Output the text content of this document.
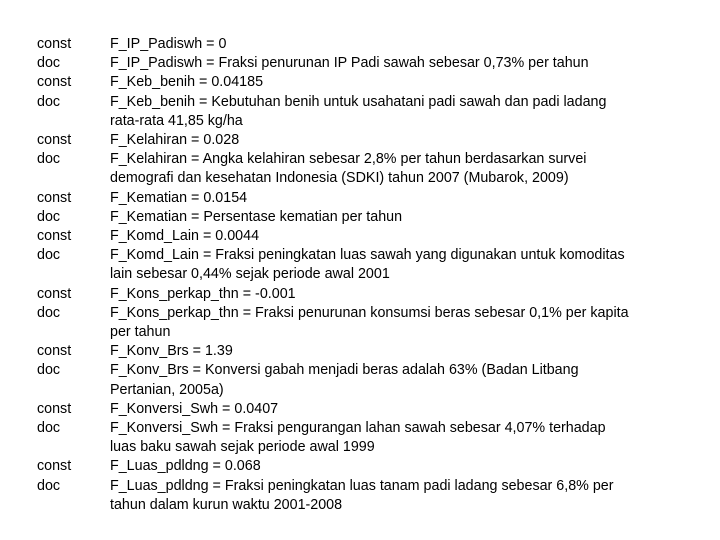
const	F_IP_Padiswh = 0
doc	F_IP_Padiswh = Fraksi penurunan IP Padi sawah sebesar 0,73% per tahun
const	F_Keb_benih = 0.04185
doc	F_Keb_benih = Kebutuhan benih untuk usahatani padi sawah dan padi ladang
rata-rata 41,85 kg/ha
const	F_Kelahiran = 0.028
doc	F_Kelahiran = Angka kelahiran sebesar 2,8% per tahun berdasarkan survei
demografi dan kesehatan Indonesia (SDKI) tahun 2007 (Mubarok, 2009)
const	F_Kematian = 0.0154
doc	F_Kematian = Persentase kematian per tahun
const	F_Komd_Lain = 0.0044
doc	F_Komd_Lain = Fraksi peningkatan luas sawah yang digunakan untuk komoditas
lain sebesar 0,44% sejak periode awal 2001
const	F_Kons_perkap_thn = -0.001
doc	F_Kons_perkap_thn = Fraksi penurunan konsumsi beras sebesar 0,1% per kapita
per tahun
const	F_Konv_Brs = 1.39
doc	F_Konv_Brs = Konversi gabah menjadi beras adalah 63% (Badan Litbang
Pertanian, 2005a)
const	F_Konversi_Swh = 0.0407
doc	F_Konversi_Swh = Fraksi pengurangan lahan sawah sebesar 4,07% terhadap
luas baku sawah sejak periode awal 1999
const	F_Luas_pdldng = 0.068
doc	F_Luas_pdldng = Fraksi peningkatan luas tanam padi ladang sebesar 6,8% per
tahun dalam kurun waktu 2001-2008
